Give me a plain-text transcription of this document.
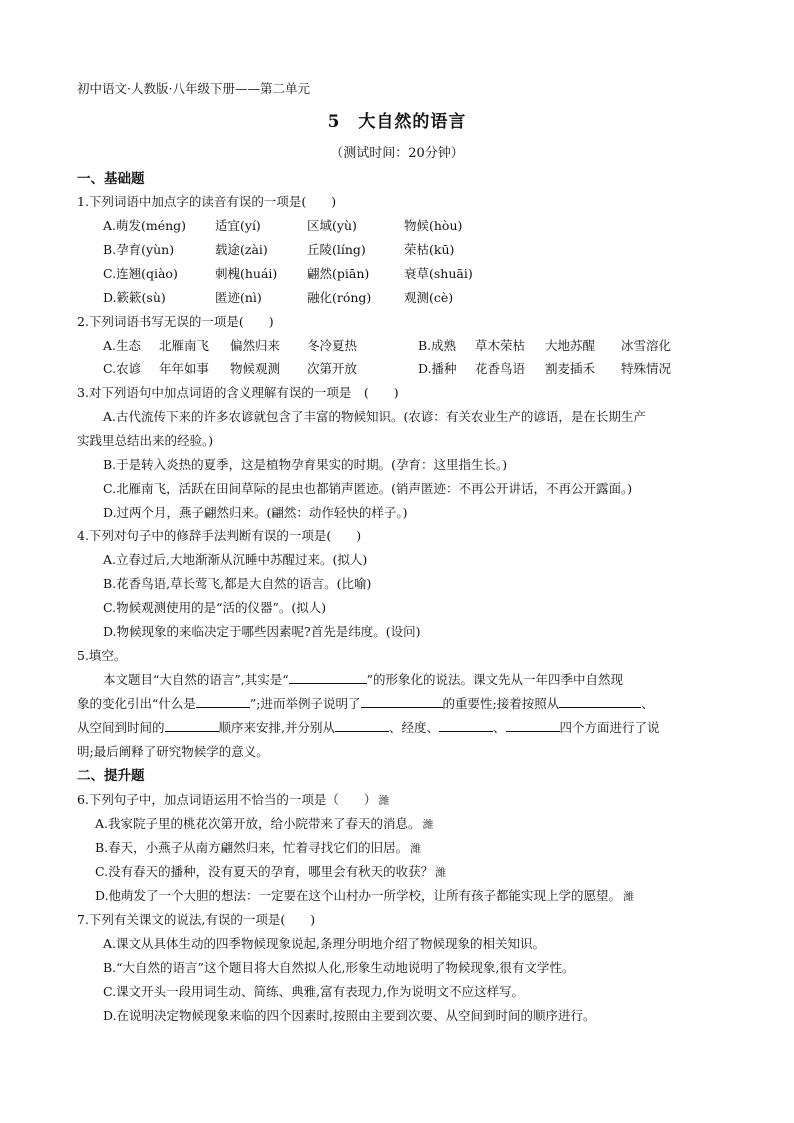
初中语文·人教版·八年级下册——第二单元
5　大自然的语言
（测试时间：20分钟）
一、基础题
1.下列词语中加点字的读音有误的一项是(　　)
A.萌发(méng) 适宜(yí)	区域(yù)	物候(hòu)
B.孕育(yùn)	载途(zài)	丘陵(líng)	荣枯(kū)
C.连翘(qiào)	刺槐(huái) 翩然(piān)	衰草(shuāi)
D.簌簌(sù)	匿迹(nì)	融化(róng)	观测(cè)
2.下列词语书写无误的一项是(　　)
A.生态 北雁南飞 偏然归来 冬冷夏热	B.成熟 草木荣枯 大地苏醒 冰雪溶化
C.农谚 年年如事 物候观测 次第开放	D.播种 花香鸟语 割麦插禾 特殊情况
3.对下列语句中加点词语的含义理解有误的一项是　(　　)
A.古代流传下来的许多农谚就包含了丰富的物候知识。(农谚：有关农业生产的谚语，是在长期生产
实践里总结出来的经验。)
B.于是转入炎热的夏季，这是植物孕育果实的时期。(孕育：这里指生长。)
C.北雁南飞，活跃在田间草际的昆虫也都销声匿迹。(销声匿迹：不再公开讲话，不再公开露面。)
D.过两个月，燕子翩然归来。(翩然：动作轻快的样子。)
4.下列对句子中的修辞手法判断有误的一项是(　　)
A.立春过后,大地渐渐从沉睡中苏醒过来。(拟人)
B.花香鸟语,草长莺飞,都是大自然的语言。(比喻)
C.物候观测使用的是“活的仪器”。(拟人)
D.物候现象的来临决定于哪些因素呢?首先是纬度。(设问)
5.填空。
本文题目“大自然的语言”,其实是“	”的形象化的说法。课文先从一年四季中自然现
象的变化引出“什么是	”;进而举例子说明了	的重要性;接着按照从	、
从空间到时间的	顺序来安排,并分别从	、经度、	、	四个方面进行了说
明;最后阐释了研究物候学的意义。
二、提升题
6.下列句子中，加点词语运用不恰当的一项是（　　） 濰
A.我家院子里的桃花次第开放，给小院带来了春天的消息。 濰
B.春天，小燕子从南方翩然归来，忙着寻找它们的旧居。 濰
C.没有春天的播种，没有夏天的孕育，哪里会有秋天的收获？ 濰
D.他萌发了一个大胆的想法：一定要在这个山村办一所学校，让所有孩子都能实现上学的愿望。 濰
7.下列有关课文的说法,有误的一项是(　　)
A.课文从具体生动的四季物候现象说起,条理分明地介绍了物候现象的相关知识。
B.“大自然的语言”这个题目将大自然拟人化,形象生动地说明了物候现象,很有文学性。
C.课文开头一段用词生动、简练、典雅,富有表现力,作为说明文不应这样写。
D.在说明决定物候现象来临的四个因素时,按照由主要到次要、从空间到时间的顺序进行。
